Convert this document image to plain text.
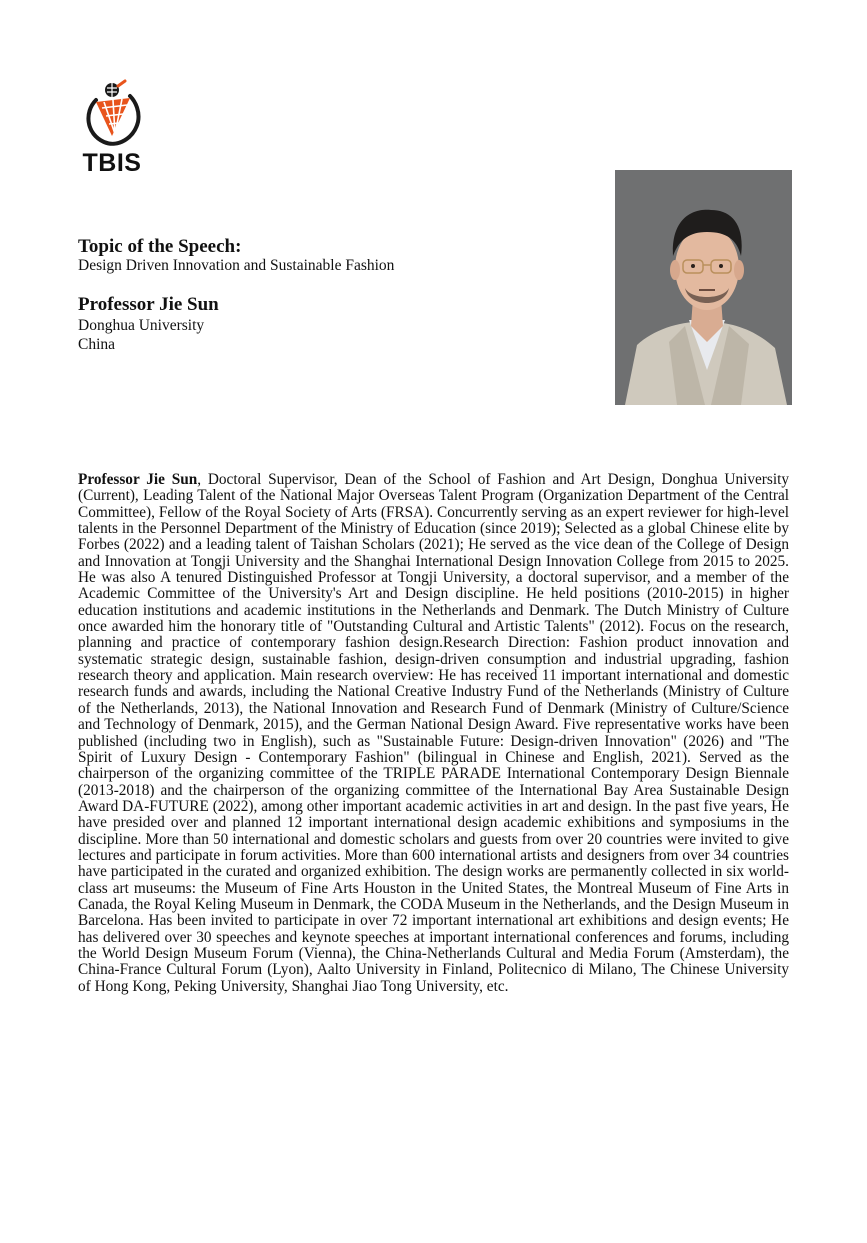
TBIS
Topic of the Speech:
Design Driven Innovation and Sustainable Fashion
Professor Jie Sun
Donghua University
China
Professor Jie Sun, Doctoral Supervisor, Dean of the School of Fashion and Art Design, Donghua University (Current), Leading Talent of the National Major Overseas Talent Program (Organization Department of the Central Committee), Fellow of the Royal Society of Arts (FRSA). Concurrently serving as an expert reviewer for high-level talents in the Personnel Department of the Ministry of Education (since 2019); Selected as a global Chinese elite by Forbes (2022) and a leading talent of Taishan Scholars (2021); He served as the vice dean of the College of Design and Innovation at Tongji University and the Shanghai International Design Innovation College from 2015 to 2025. He was also A tenured Distinguished Professor at Tongji University, a doctoral supervisor, and a member of the Academic Committee of the University's Art and Design discipline. He held positions (2010-2015) in higher education institutions and academic institutions in the Netherlands and Denmark. The Dutch Ministry of Culture once awarded him the honorary title of "Outstanding Cultural and Artistic Talents" (2012). Focus on the research, planning and practice of contemporary fashion design.Research Direction: Fashion product innovation and systematic strategic design, sustainable fashion, design-driven consumption and industrial upgrading, fashion research theory and application. Main research overview: He has received 11 important international and domestic research funds and awards, including the National Creative Industry Fund of the Netherlands (Ministry of Culture of the Netherlands, 2013), the National Innovation and Research Fund of Denmark (Ministry of Culture/Science and Technology of Denmark, 2015), and the German National Design Award. Five representative works have been published (including two in English), such as "Sustainable Future: Design-driven Innovation" (2026) and "The Spirit of Luxury Design - Contemporary Fashion" (bilingual in Chinese and English, 2021). Served as the chairperson of the organizing committee of the TRIPLE PARADE International Contemporary Design Biennale (2013-2018) and the chairperson of the organizing committee of the International Bay Area Sustainable Design Award DA-FUTURE (2022), among other important academic activities in art and design. In the past five years, He have presided over and planned 12 important international design academic exhibitions and symposiums in the discipline. More than 50 international and domestic scholars and guests from over 20 countries were invited to give lectures and participate in forum activities. More than 600 international artists and designers from over 34 countries have participated in the curated and organized exhibition. The design works are permanently collected in six world-class art museums: the Museum of Fine Arts Houston in the United States, the Montreal Museum of Fine Arts in Canada, the Royal Keling Museum in Denmark, the CODA Museum in the Netherlands, and the Design Museum in Barcelona. Has been invited to participate in over 72 important international art exhibitions and design events; He has delivered over 30 speeches and keynote speeches at important international conferences and forums, including the World Design Museum Forum (Vienna), the China-Netherlands Cultural and Media Forum (Amsterdam), the China-France Cultural Forum (Lyon), Aalto University in Finland, Politecnico di Milano, The Chinese University of Hong Kong, Peking University, Shanghai Jiao Tong University, etc.
